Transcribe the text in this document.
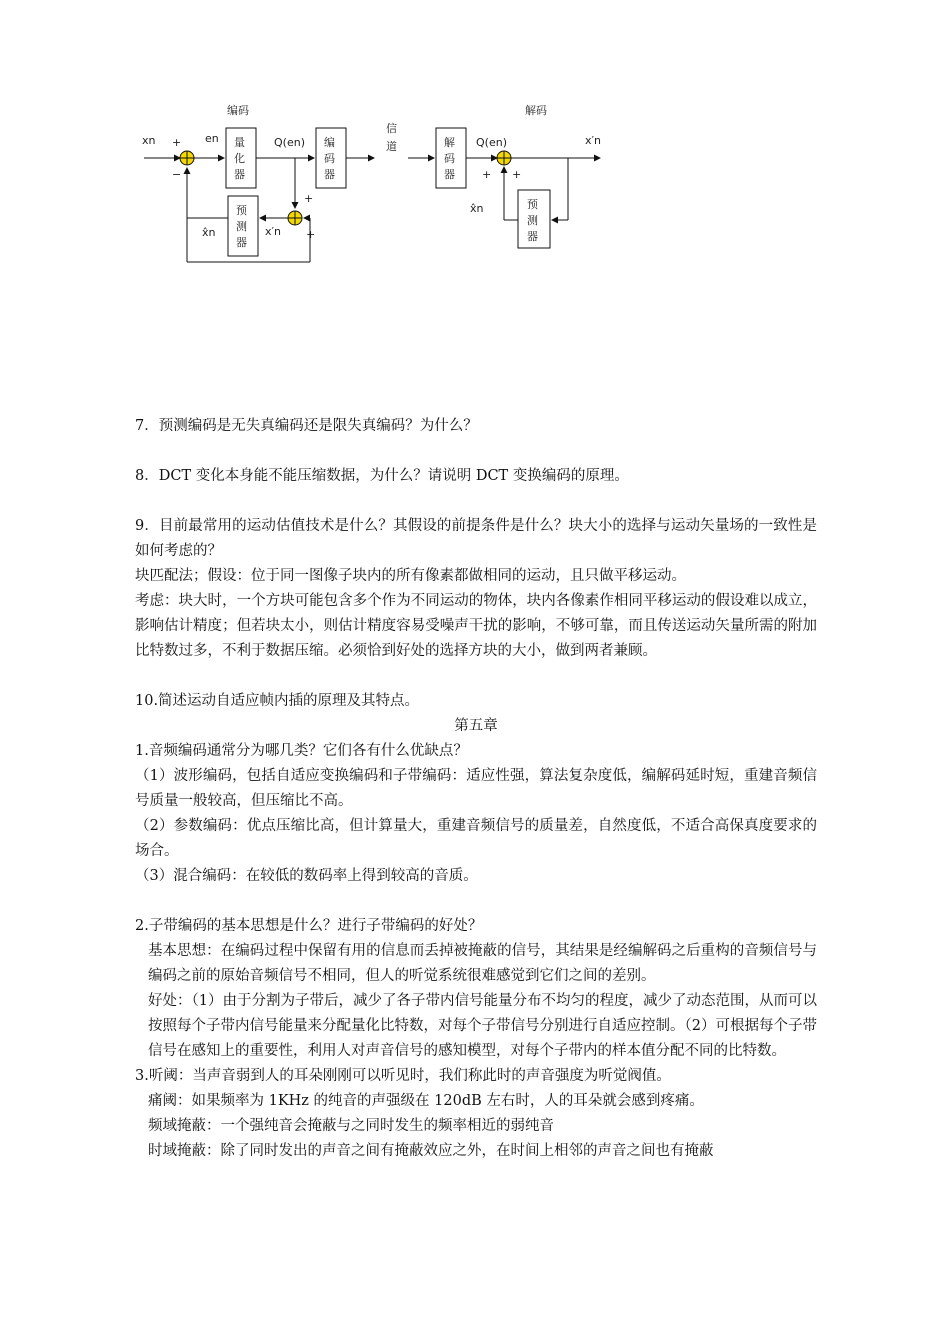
编码	解码
xn +
−
en 量
化
器
Q(en) 编
码
器
信
道
+
+
预
测
器
x′n
x̂n
解
码
器
Q(en)
+ +
x′n
预
测
器
x̂n

7．预测编码是无失真编码还是限失真编码？为什么？

8．DCT 变化本身能不能压缩数据，为什么？请说明 DCT 变换编码的原理。

9．目前最常用的运动估值技术是什么？其假设的前提条件是什么？块大小的选择与运动矢量场的一致性是如何考虑的？

块匹配法；假设：位于同一图像子块内的所有像素都做相同的运动，且只做平移运动。

考虑：块大时，一个方块可能包含多个作为不同运动的物体，块内各像素作相同平移运动的假设难以成立，影响估计精度；但若块太小，则估计精度容易受噪声干扰的影响，不够可靠，而且传送运动矢量所需的附加比特数过多，不利于数据压缩。必须恰到好处的选择方块的大小，做到两者兼顾。

10.简述运动自适应帧内插的原理及其特点。

第五章

1.音频编码通常分为哪几类？它们各有什么优缺点？

（1）波形编码，包括自适应变换编码和子带编码：适应性强，算法复杂度低，编解码延时短，重建音频信号质量一般较高，但压缩比不高。

（2）参数编码：优点压缩比高，但计算量大，重建音频信号的质量差，自然度低，不适合高保真度要求的场合。

（3）混合编码：在较低的数码率上得到较高的音质。

2.子带编码的基本思想是什么？进行子带编码的好处？

基本思想：在编码过程中保留有用的信息而丢掉被掩蔽的信号，其结果是经编解码之后重构的音频信号与编码之前的原始音频信号不相同，但人的听觉系统很难感觉到它们之间的差别。

好处：（1）由于分割为子带后，减少了各子带内信号能量分布不均匀的程度，减少了动态范围，从而可以按照每个子带内信号能量来分配量化比特数，对每个子带信号分别进行自适应控制。（2）可根据每个子带信号在感知上的重要性，利用人对声音信号的感知模型，对每个子带内的样本值分配不同的比特数。

3.听阈：当声音弱到人的耳朵刚刚可以听见时，我们称此时的声音强度为听觉阀值。

痛阈：如果频率为 1KHz 的纯音的声强级在 120dB 左右时，人的耳朵就会感到疼痛。

频域掩蔽：一个强纯音会掩蔽与之同时发生的频率相近的弱纯音

时域掩蔽：除了同时发出的声音之间有掩蔽效应之外，在时间上相邻的声音之间也有掩蔽
